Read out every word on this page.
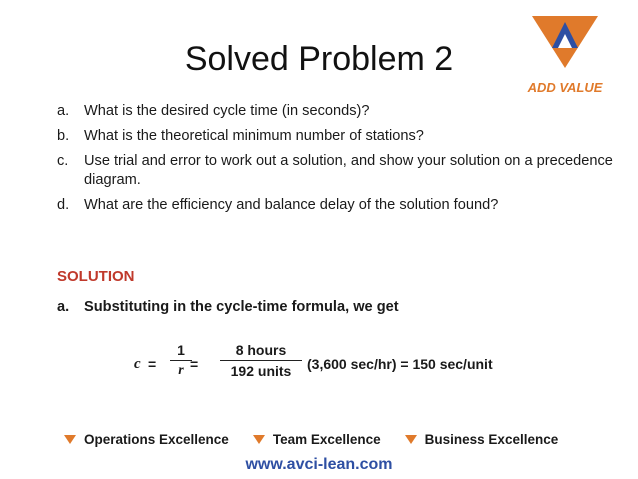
Solved Problem 2
ADD VALUE
a.	What is the desired cycle time (in seconds)?
b.	What is the theoretical minimum number of stations?
c.	Use trial and error to work out a solution, and show your solution on a precedence diagram.
d.	What are the efficiency and balance delay of the solution found?
SOLUTION
a.	Substituting in the cycle-time formula, we get
c =
1
r =
8 hours
192 units	(3,600 sec/hr) = 150 sec/unit
Operations Excellence	Team Excellence	Business Excellence
www.avci-lean.com
